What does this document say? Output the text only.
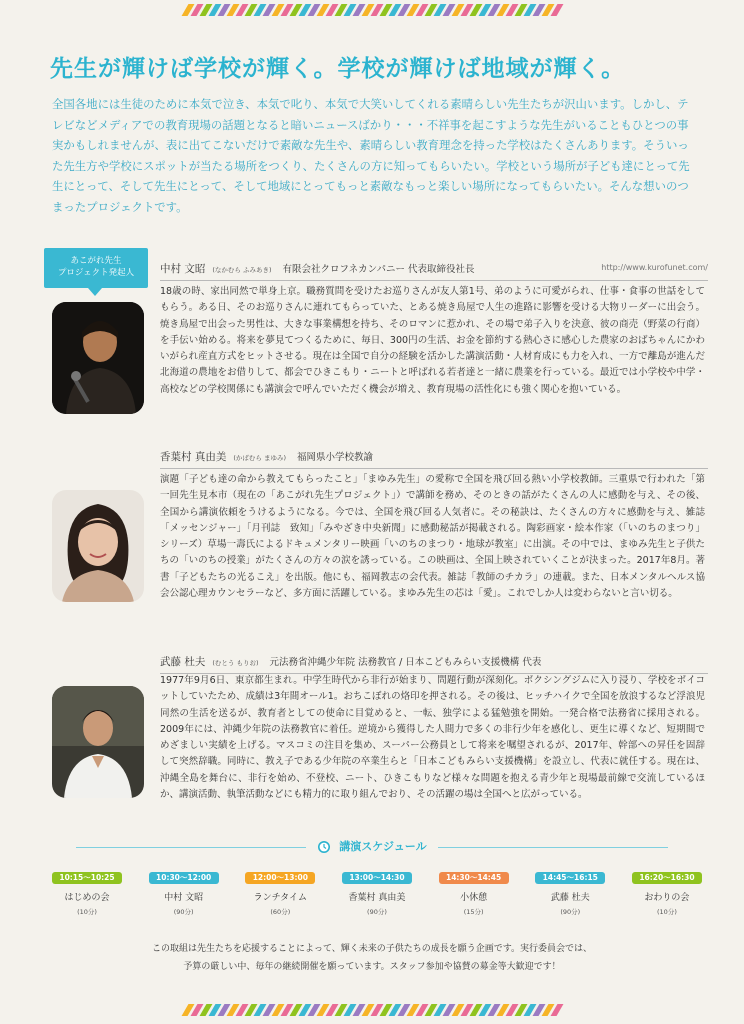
先生が輝けば学校が輝く。学校が輝けば地域が輝く。
全国各地には生徒のために本気で泣き、本気で叱り、本気で大笑いしてくれる素晴らしい先生たちが沢山います。しかし、テレビなどメディアでの教育現場の話題となると暗いニュースばかり・・・不祥事を起こすような先生がいることもひとつの事実かもしれませんが、表に出てこないだけで素敵な先生や、素晴らしい教育理念を持った学校はたくさんあります。そういった先生方や学校にスポットが当たる場所をつくり、たくさんの方に知ってもらいたい。学校という場所が子ども達にとって先生にとって、そして先生にとって、そして地域にとってもっと素敵なもっと楽しい場所になってもらいたい。そんな想いのつまったプロジェクトです。
あこがれ先生
プロジェクト発起人	中村 文昭 (なかむら ふみあき) 有限会社クロフネカンパニー 代表取締役社長	http://www.kurofunet.com/
18歳の時、家出同然で単身上京。職務質問を受けたお巡りさんが友人第1号、弟のように可愛がられ、仕事・食事の世話をしてもらう。ある日、そのお巡りさんに連れてもらっていた、とある焼き鳥屋で人生の進路に影響を受ける大物リーダーに出会う。焼き鳥屋で出会った男性は、大きな事業構想を持ち、そのロマンに惹かれ、その場で弟子入りを決意、彼の商売（野菜の行商）を手伝い始める。将来を夢見てつくるために、毎日、300円の生活、お金を節約する熱心さに感心した農家のおばちゃんにかわいがられ産直方式をヒットさせる。現在は全国で自分の経験を活かした講演活動・人材育成にも力を入れ、一方で離島が進んだ北海道の農地をお借りして、都会でひきこもり・ニートと呼ばれる若者達と一緒に農業を行っている。最近では小学校や中学・高校などの学校関係にも講演会で呼んでいただく機会が増え、教育現場の活性化にも強く関心を抱いている。
香葉村 真由美 (かばむら まゆみ) 福岡県小学校教諭
演題「子ども達の命から教えてもらったこと」「まゆみ先生」の愛称で全国を飛び回る熱い小学校教師。三重県で行われた「第一回先生見本市（現在の「あこがれ先生プロジェクト」）で講師を務め、そのときの話がたくさんの人に感動を与え、その後、全国から講演依頼をうけるようになる。今では、全国を飛び回る人気者に。その秘訣は、たくさんの方々に感動を与え、雑誌「メッセンジャー」「月刊誌　致知」「みやざき中央新聞」に感動秘話が掲載される。陶彩画家・絵本作家（「いのちのまつり」シリーズ）草場一壽氏によるドキュメンタリー映画「いのちのまつり・地球が教室」に出演。その中では、まゆみ先生と子供たちの「いのちの授業」がたくさんの方々の涙を誘っている。この映画は、全国上映されていくことが決まった。2017年8月。著書「子どもたちの光るこえ」を出版。他にも、福岡教志の会代表。雑誌「教師のチカラ」の連載。また、日本メンタルヘルス協会公認心理カウンセラーなど、多方面に活躍している。まゆみ先生の芯は「愛」。これでしか人は変わらないと言い切る。
武藤 杜夫 (むとう もりお) 元法務省沖縄少年院 法務教官 / 日本こどもみらい支援機構 代表
1977年9月6日、東京都生まれ。中学生時代から非行が始まり、問題行動が深刻化。ボクシングジムに入り浸り、学校をボイコットしていたため、成績は3年間オール1。おちこぼれの烙印を押される。その後は、ヒッチハイクで全国を放浪するなど浮浪児同然の生活を送るが、教育者としての使命に目覚めると、一転、独学による猛勉強を開始。一発合格で法務省に採用される。2009年には、沖縄少年院の法務教官に着任。逆境から獲得した人間力で多くの非行少年を感化し、更生に導くなど、短期間でめざましい実績を上げる。マスコミの注目を集め、スーパー公務員として将来を嘱望されるが、2017年、幹部への昇任を固辞して突然辞職。同時に、教え子である少年院の卒業生らと「日本こどもみらい支援機構」を設立し、代表に就任する。現在は、沖縄全島を舞台に、非行を始め、不登校、ニート、ひきこもりなど様々な問題を抱える青少年と現場最前線で交流しているほか、講演活動、執筆活動などにも精力的に取り組んでおり、その活躍の場は全国へと広がっている。
講演スケジュール
10:15〜10:25
はじめの会
(10分)
10:30〜12:00
中村 文昭
(90分)
12:00〜13:00
ランチタイム
(60分)
13:00〜14:30
香葉村 真由美
(90分)
14:30〜14:45
小休憩
(15分)
14:45〜16:15
武藤 杜夫
(90分)
16:20〜16:30
おわりの会
(10分)
この取組は先生たちを応援することによって、輝く未来の子供たちの成長を願う企画です。実行委員会では、
予算の厳しい中、毎年の継続開催を願っています。スタッフ参加や協賛の募金等大歓迎です！
